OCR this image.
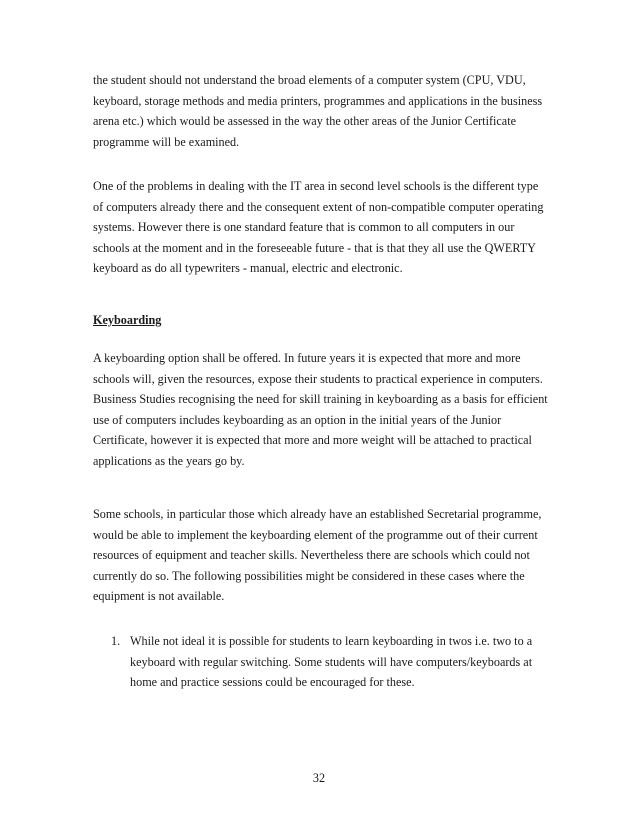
the student should not understand the broad elements of a computer system (CPU, VDU,
keyboard, storage methods and media printers, programmes and applications in the business
arena etc.) which would be assessed in the way the other areas of the Junior Certificate
programme will be examined.

One of the problems in dealing with the IT area in second level schools is the different type
of computers already there and the consequent extent of non-compatible computer operating
systems. However there is one standard feature that is common to all computers in our
schools at the moment and in the foreseeable future - that is that they all use the QWERTY
keyboard as do all typewriters - manual, electric and electronic.

Keyboarding

A keyboarding option shall be offered. In future years it is expected that more and more
schools will, given the resources, expose their students to practical experience in computers.
Business Studies recognising the need for skill training in keyboarding as a basis for efficient
use of computers includes keyboarding as an option in the initial years of the Junior
Certificate, however it is expected that more and more weight will be attached to practical
applications as the years go by.

Some schools, in particular those which already have an established Secretarial programme,
would be able to implement the keyboarding element of the programme out of their current
resources of equipment and teacher skills. Nevertheless there are schools which could not
currently do so. The following possibilities might be considered in these cases where the
equipment is not available.

1. While not ideal it is possible for students to learn keyboarding in twos i.e. two to a
keyboard with regular switching. Some students will have computers/keyboards at
home and practice sessions could be encouraged for these.
32
